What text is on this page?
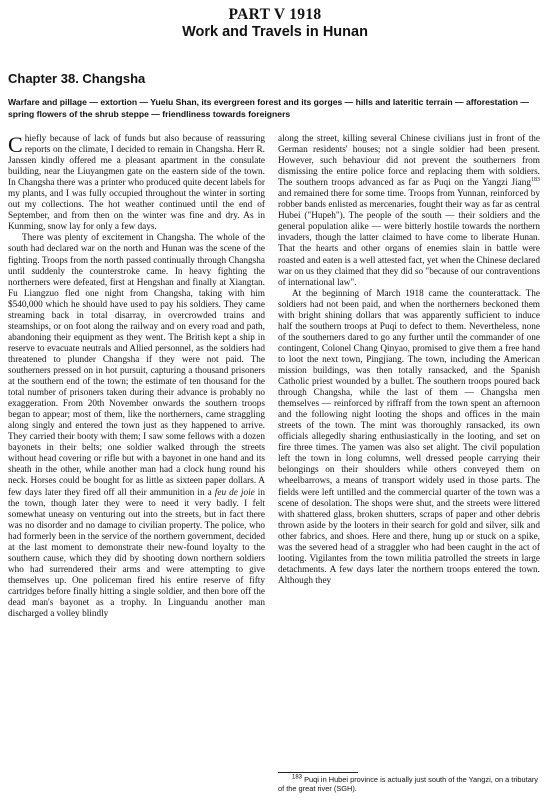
PART V 1918
Work and Travels in Hunan
Chapter 38. Changsha
Warfare and pillage — extortion — Yuelu Shan, its evergreen forest and its gorges — hills and lateritic terrain — afforestation — spring flowers of the shrub steppe — friendliness towards foreigners

Chiefly because of lack of funds but also because of reassuring reports on the climate, I decided to remain in Changsha. Herr R. Janssen kindly offered me a pleasant apartment in the consulate building, near the Liuyangmen gate on the eastern side of the town. In Changsha there was a printer who produced quite decent labels for my plants, and I was fully occupied throughout the winter in sorting out my collections. The hot weather continued until the end of September, and from then on the winter was fine and dry. As in Kunming, snow lay for only a few days.

There was plenty of excitement in Changsha. The whole of the south had declared war on the north and Hunan was the scene of the fighting. Troops from the north passed continually through Changsha until suddenly the counterstroke came. In heavy fighting the northerners were defeated, first at Hengshan and finally at Xiangtan. Fu Liangzuo fled one night from Changsha, taking with him $540,000 which he should have used to pay his soldiers. They came streaming back in total disarray, in overcrowded trains and steamships, or on foot along the railway and on every road and path, abandoning their equipment as they went. The British kept a ship in reserve to evacuate neutrals and Allied personnel, as the soldiers had threatened to plunder Changsha if they were not paid. The southerners pressed on in hot pursuit, capturing a thousand prisoners at the southern end of the town; the estimate of ten thousand for the total number of prisoners taken during their advance is probably no exaggeration. From 20th November onwards the southern troops began to appear; most of them, like the northerners, came straggling along singly and entered the town just as they happened to arrive. They carried their booty with them; I saw some fellows with a dozen bayonets in their belts; one soldier walked through the streets without head covering or rifle but with a bayonet in one hand and its sheath in the other, while another man had a clock hung round his neck. Horses could be bought for as little as sixteen paper dollars. A few days later they fired off all their ammunition in a feu de joie in the town, though later they were to need it very badly. I felt somewhat uneasy on venturing out into the streets, but in fact there was no disorder and no damage to civilian property. The police, who had formerly been in the service of the northern government, decided at the last moment to demonstrate their new-found loyalty to the southern cause, which they did by shooting down northern soldiers who had surrendered their arms and were attempting to give themselves up. One policeman fired his entire reserve of fifty cartridges before finally hitting a single soldier, and then bore off the dead man's bayonet as a trophy. In Linguandu another man discharged a volley blindly

along the street, killing several Chinese civilians just in front of the German residents' houses; not a single soldier had been present. However, such behaviour did not prevent the southerners from dismissing the entire police force and replacing them with soldiers. The southern troops advanced as far as Puqi on the Yangzi Jiang$^{183}$ and remained there for some time. Troops from Yunnan, reinforced by robber bands enlisted as mercenaries, fought their way as far as central Hubei ("Hupeh"). The people of the south — their soldiers and the general population alike — were bitterly hostile towards the northern invaders, though the latter claimed to have come to liberate Hunan. That the hearts and other organs of enemies slain in battle were roasted and eaten is a well attested fact, yet when the Chinese declared war on us they claimed that they did so "because of our contraventions of international law".

At the beginning of March 1918 came the counterattack. The soldiers had not been paid, and when the northerners beckoned them with bright shining dollars that was apparently sufficient to induce half the southern troops at Puqi to defect to them. Nevertheless, none of the southerners dared to go any further until the commander of one contingent, Colonel Chang Qinyao, promised to give them a free hand to loot the next town, Pingjiang. The town, including the American mission buildings, was then totally ransacked, and the Spanish Catholic priest wounded by a bullet. The southern troops poured back through Changsha, while the last of them — Changsha men themselves — reinforced by riffraff from the town spent an afternoon and the following night looting the shops and offices in the main streets of the town. The mint was thoroughly ransacked, its own officials allegedly sharing enthusiastically in the looting, and set on fire three times. The yamen was also set alight. The civil population left the town in long columns, well dressed people carrying their belongings on their shoulders while others conveyed them on wheelbarrows, a means of transport widely used in those parts. The fields were left untilled and the commercial quarter of the town was a scene of desolation. The shops were shut, and the streets were littered with shattered glass, broken shutters, scraps of paper and other debris thrown aside by the looters in their search for gold and silver, silk and other fabrics, and shoes. Here and there, hung up or stuck on a spike, was the severed head of a straggler who had been caught in the act of looting. Vigilantes from the town militia patrolled the streets in large detachments. A few days later the northern troops entered the town. Although they

$^{183}$ Puqi in Hubei province is actually just south of the Yangzi, on a tributary of the great river (SGH).
